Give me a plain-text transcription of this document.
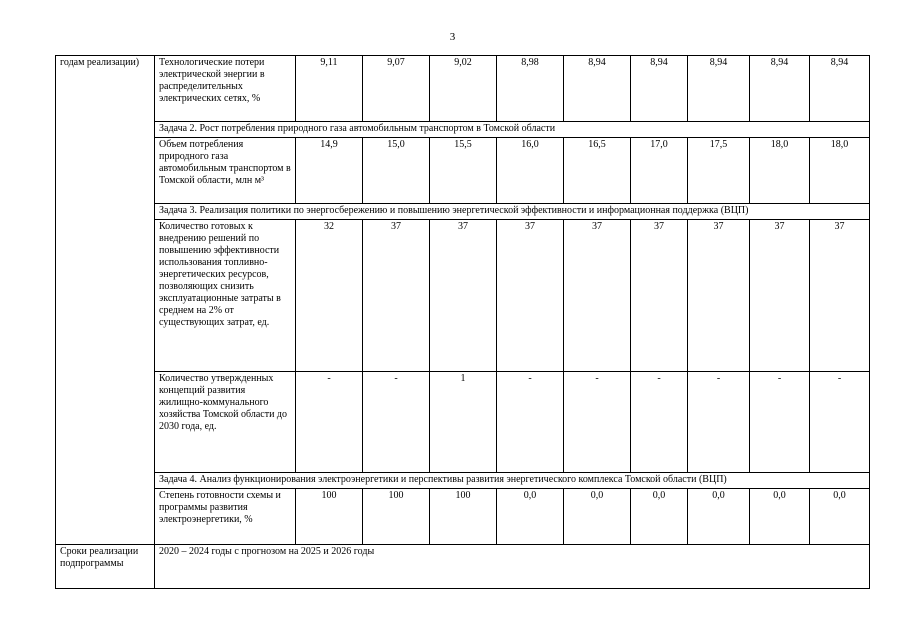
3
годам реализации)	Технологические потери электрической энергии в распределительных электрических сетях, %	9,11	9,07	9,02	8,98	8,94	8,94	8,94	8,94	8,94
	Задача 2. Рост потребления природного газа автомобильным транспортом в Томской области									
	Объем потребления природного газа автомобильным транспортом в Томской области, млн м³	14,9	15,0	15,5	16,0	16,5	17,0	17,5	18,0	18,0
	Задача 3. Реализация политики по энергосбережению и повышению энергетической эффективности и информационная поддержка (ВЦП)									
	Количество готовых к внедрению решений по повышению эффективности использования топливно-энергетических ресурсов, позволяющих снизить эксплуатационные затраты в среднем на 2% от существующих затрат, ед.	32	37	37	37	37	37	37	37	37
	Количество утвержденных концепций развития жилищно-коммунального хозяйства Томской области до 2030 года, ед.	-	-	1	-	-	-	-	-	-
	Задача 4. Анализ функционирования электроэнергетики и перспективы развития энергетического комплекса Томской области (ВЦП)									
	Степень готовности схемы и программы развития электроэнергетики, %	100	100	100	0,0	0,0	0,0	0,0	0,0	0,0
Сроки реализации подпрограммы	2020 – 2024 годы с прогнозом на 2025 и 2026 годы									
